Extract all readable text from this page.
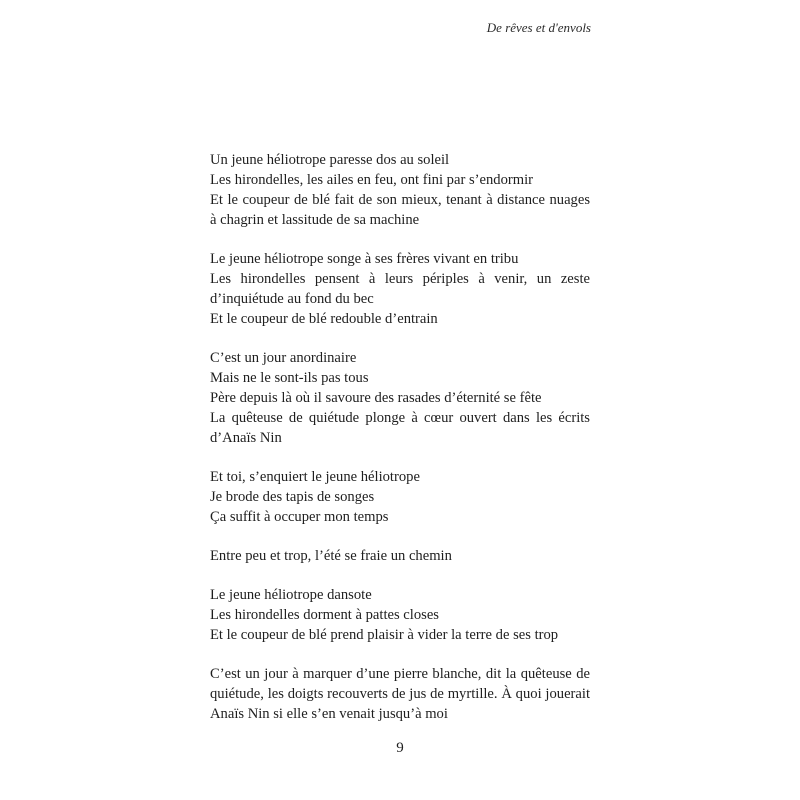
De rêves et d'envols
Un jeune héliotrope paresse dos au soleil
Les hirondelles, les ailes en feu, ont fini par s’endormir
Et le coupeur de blé fait de son mieux, tenant à distance nuages à chagrin et lassitude de sa machine
Le jeune héliotrope songe à ses frères vivant en tribu
Les hirondelles pensent à leurs périples à venir, un zeste d’inquiétude au fond du bec
Et le coupeur de blé redouble d’entrain
C’est un jour anordinaire
Mais ne le sont-ils pas tous
Père depuis là où il savoure des rasades d’éternité se fête
La quêteuse de quiétude plonge à cœur ouvert dans les écrits d’Anaïs Nin
Et toi, s’enquiert le jeune héliotrope
Je brode des tapis de songes
Ça suffit à occuper mon temps
Entre peu et trop, l’été se fraie un chemin
Le jeune héliotrope dansote
Les hirondelles dorment à pattes closes
Et le coupeur de blé prend plaisir à vider la terre de ses trop
C’est un jour à marquer d’une pierre blanche, dit la quêteuse de quiétude, les doigts recouverts de jus de myrtille. À quoi jouerait Anaïs Nin si elle s’en venait jusqu’à moi
9
